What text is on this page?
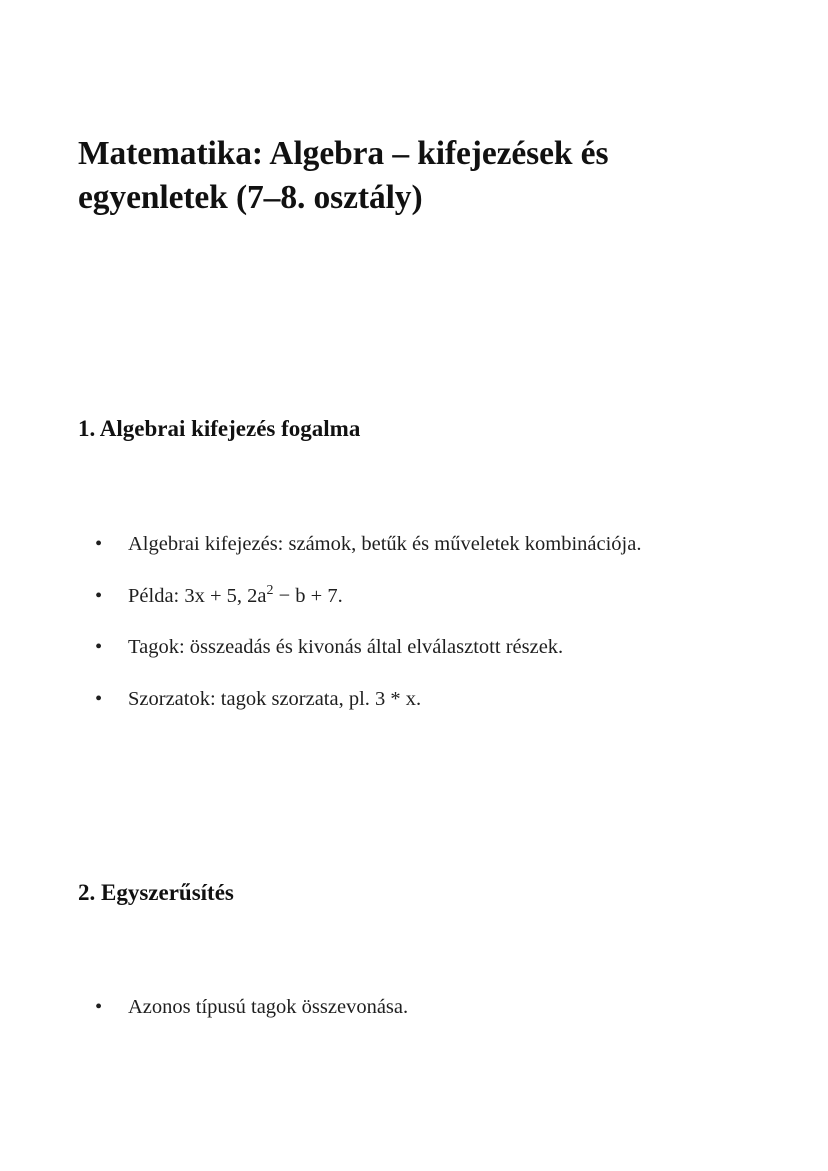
Matematika: Algebra – kifejezések és egyenletek (7–8. osztály)
1. Algebrai kifejezés fogalma
• Algebrai kifejezés: számok, betűk és műveletek kombinációja.
• Példa: 3x + 5, $2a^2 - b + 7$.
• Tagok: összeadás és kivonás által elválasztott részek.
• Szorzatok: tagok szorzata, pl. 3 * x.
2. Egyszerűsítés
• Azonos típusú tagok összevonása.
